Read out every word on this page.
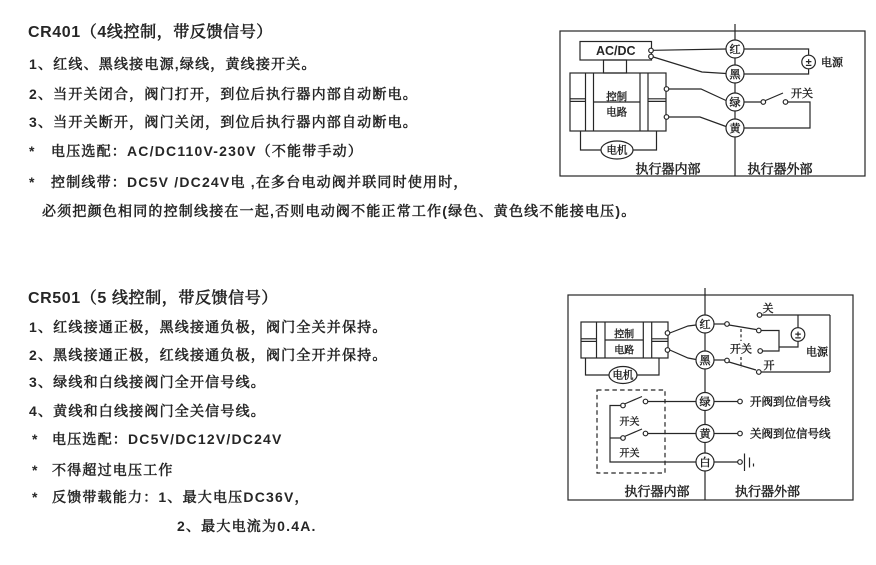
CR401（4线控制，带反馈信号）
1、红线、黑线接电源,绿线，黄线接开关。
2、当开关闭合，阀门打开，到位后执行器内部自动断电。
3、当开关断开，阀门关闭，到位后执行器内部自动断电。
* 电压选配：AC/DC110V-230V（不能带手动）
* 控制线带：DC5V /DC24V电 ,在多台电动阀并联同时使用时，
必须把颜色相同的控制线接在一起,否则电动阀不能正常工作(绿色、黄色线不能接电压)。
CR501（5 线控制，带反馈信号）
1、红线接通正极，黑线接通负极，阀门全关并保持。
2、黑线接通正极，红线接通负极，阀门全开并保持。
3、绿线和白线接阀门全开信号线。
4、黄线和白线接阀门全关信号线。
* 电压选配：DC5V/DC12V/DC24V
* 不得超过电压工作
* 反馈带载能力：1、最大电压DC36V，
2、最大电流为0.4A.
AC/DC
控制
电路
电机
红
黑
绿
黄
± 电源
开关
执行器内部	执行器外部
控制
电路
电机
红
黑
绿
黄
白
关
开
开关
±
电源
开关
开关
开阀到位信号线
关阀到位信号线
执行器内部	执行器外部
